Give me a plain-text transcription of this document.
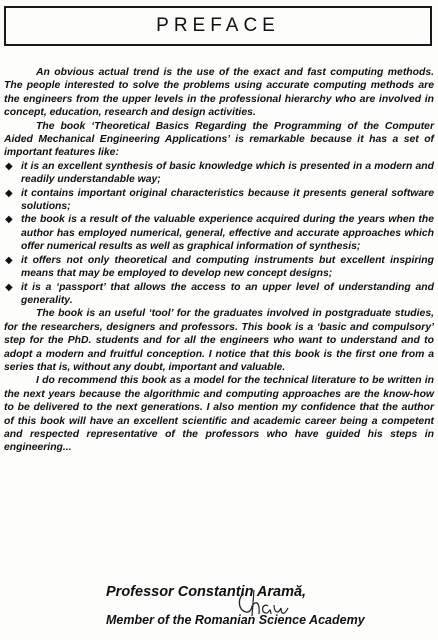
PREFACE

An obvious actual trend is the use of the exact and fast computing methods. The people interested to solve the problems using accurate computing methods are the engineers from the upper levels in the professional hierarchy who are involved in concept, education, research and design activities.

The book ‘Theoretical Basics Regarding the Programming of the Computer Aided Mechanical Engineering Applications’ is remarkable because it has a set of important features like:

◆ it is an excellent synthesis of basic knowledge which is presented in a modern and readily understandable way;
◆ it contains important original characteristics because it presents general software solutions;
◆ the book is a result of the valuable experience acquired during the years when the author has employed numerical, general, effective and accurate approaches which offer numerical results as well as graphical information of synthesis;
◆ it offers not only theoretical and computing instruments but excellent inspiring means that may be employed to develop new concept designs;
◆ it is a ‘passport’ that allows the access to an upper level of understanding and generality.

The book is an useful ‘tool’ for the graduates involved in postgraduate studies, for the researchers, designers and professors. This book is a ‘basic and compulsory’ step for the PhD. students and for all the engineers who want to understand and to adopt a modern and fruitful conception. I notice that this book is the first one from a series that is, without any doubt, important and valuable.

I do recommend this book as a model for the technical literature to be written in the next years because the algorithmic and computing approaches are the know-how to be delivered to the next generations. I also mention my confidence that the author of this book will have an excellent scientific and academic career being a competent and respected representative of the professors who have guided his steps in engineering...

Professor Constantin Aramă,
Member of the Romanian Science Academy
